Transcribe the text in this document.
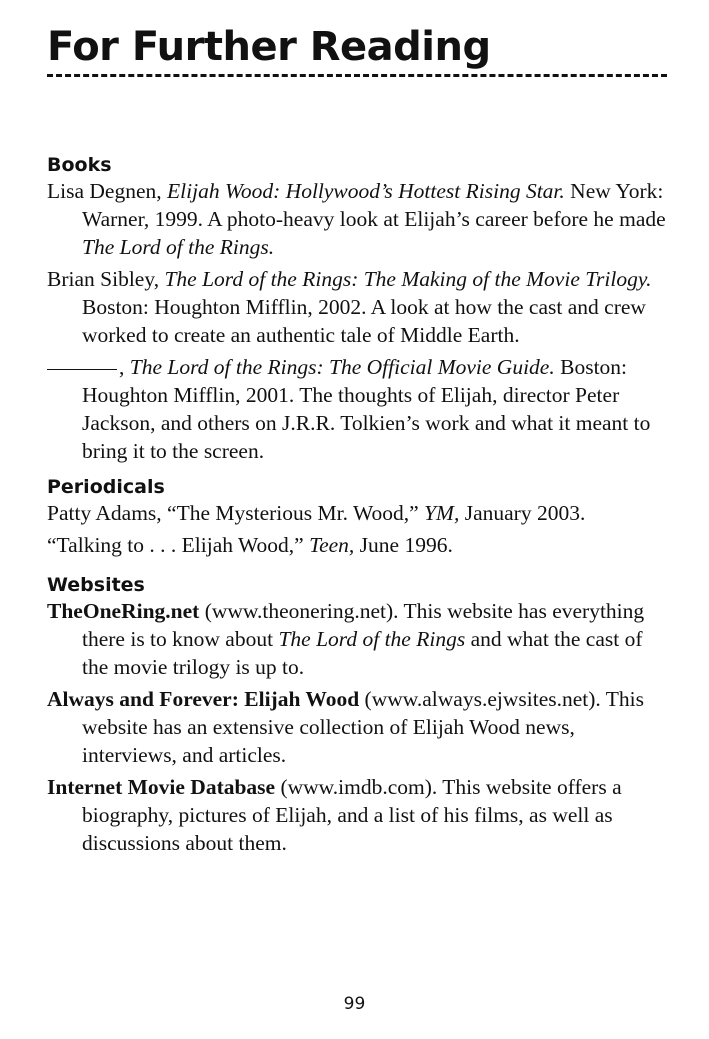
For Further Reading
Books

Lisa Degnen, Elijah Wood: Hollywood’s Hottest Rising Star. New York: Warner, 1999. A photo-heavy look at Elijah’s career before he made The Lord of the Rings.

Brian Sibley, The Lord of the Rings: The Making of the Movie Trilogy. Boston: Houghton Mifflin, 2002. A look at how the cast and crew worked to create an authentic tale of Middle Earth.

, The Lord of the Rings: The Official Movie Guide. Boston: Houghton Mifflin, 2001. The thoughts of Elijah, director Peter Jackson, and others on J.R.R. Tolkien’s work and what it meant to bring it to the screen.

Periodicals

Patty Adams, “The Mysterious Mr. Wood,” YM, January 2003.

“Talking to . . . Elijah Wood,” Teen, June 1996.

Websites

TheOneRing.net (www.theonering.net). This website has everything there is to know about The Lord of the Rings and what the cast of the movie trilogy is up to.

Always and Forever: Elijah Wood (www.always.ejwsites.net). This website has an extensive collection of Elijah Wood news, interviews, and articles.

Internet Movie Database (www.imdb.com). This website offers a biography, pictures of Elijah, and a list of his films, as well as discussions about them.

99
